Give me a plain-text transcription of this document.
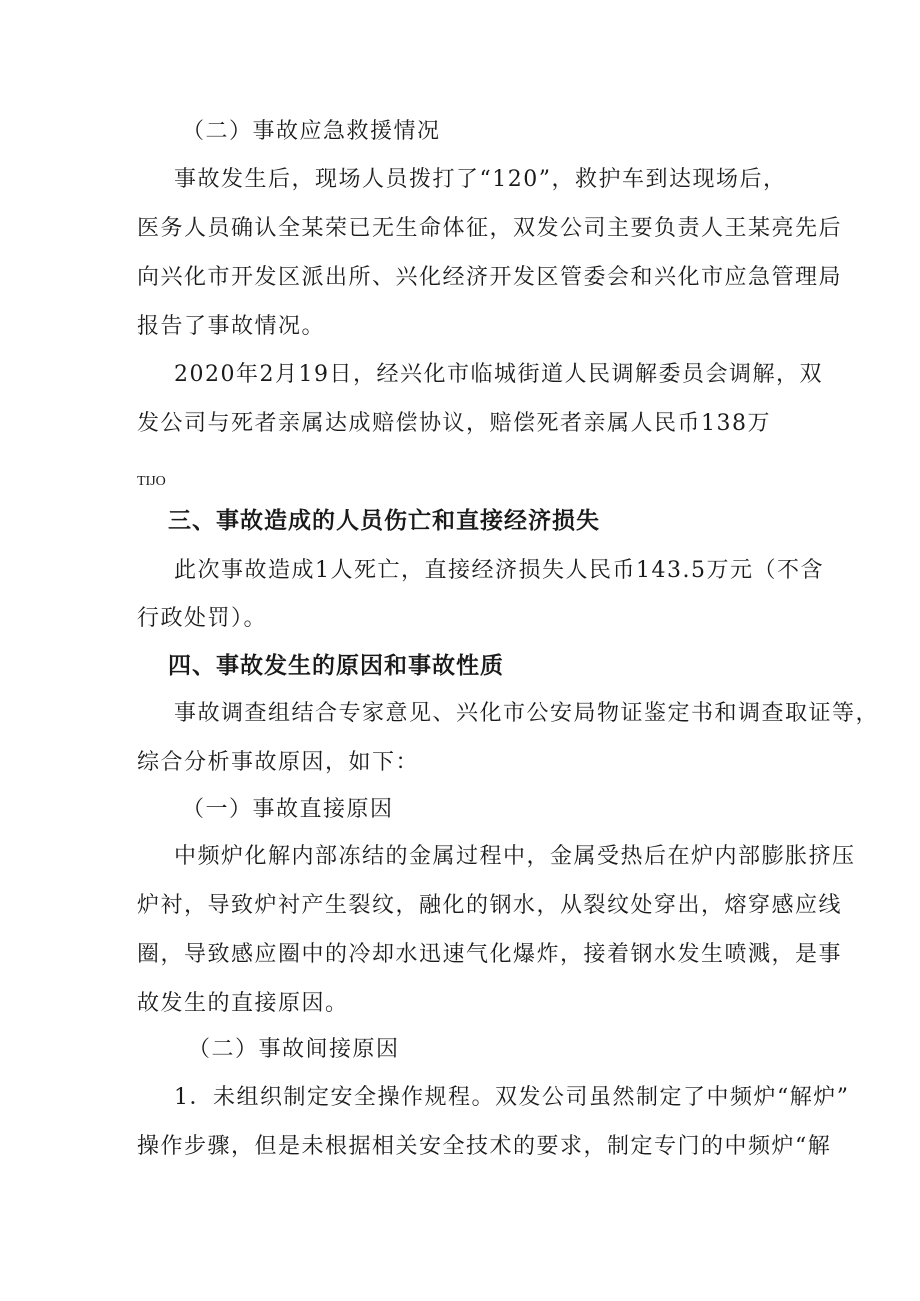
（二）事故应急救援情况
事故发生后，现场人员拨打了“120”，救护车到达现场后，
医务人员确认全某荣已无生命体征，双发公司主要负责人王某亮先后
向兴化市开发区派出所、兴化经济开发区管委会和兴化市应急管理局
报告了事故情况。
2020年2月19日，经兴化市临城街道人民调解委员会调解，双
发公司与死者亲属达成赔偿协议，赔偿死者亲属人民币138万
TIJO
三、事故造成的人员伤亡和直接经济损失
此次事故造成1人死亡，直接经济损失人民币143.5万元（不含
行政处罚）。
四、事故发生的原因和事故性质
事故调查组结合专家意见、兴化市公安局物证鉴定书和调查取证等，
综合分析事故原因，如下：
（一）事故直接原因
中频炉化解内部冻结的金属过程中，金属受热后在炉内部膨胀挤压
炉衬，导致炉衬产生裂纹，融化的钢水，从裂纹处穿出，熔穿感应线
圈，导致感应圈中的冷却水迅速气化爆炸，接着钢水发生喷溅，是事
故发生的直接原因。
（二）事故间接原因
1．未组织制定安全操作规程。双发公司虽然制定了中频炉“解炉”
操作步骤，但是未根据相关安全技术的要求，制定专门的中频炉“解
